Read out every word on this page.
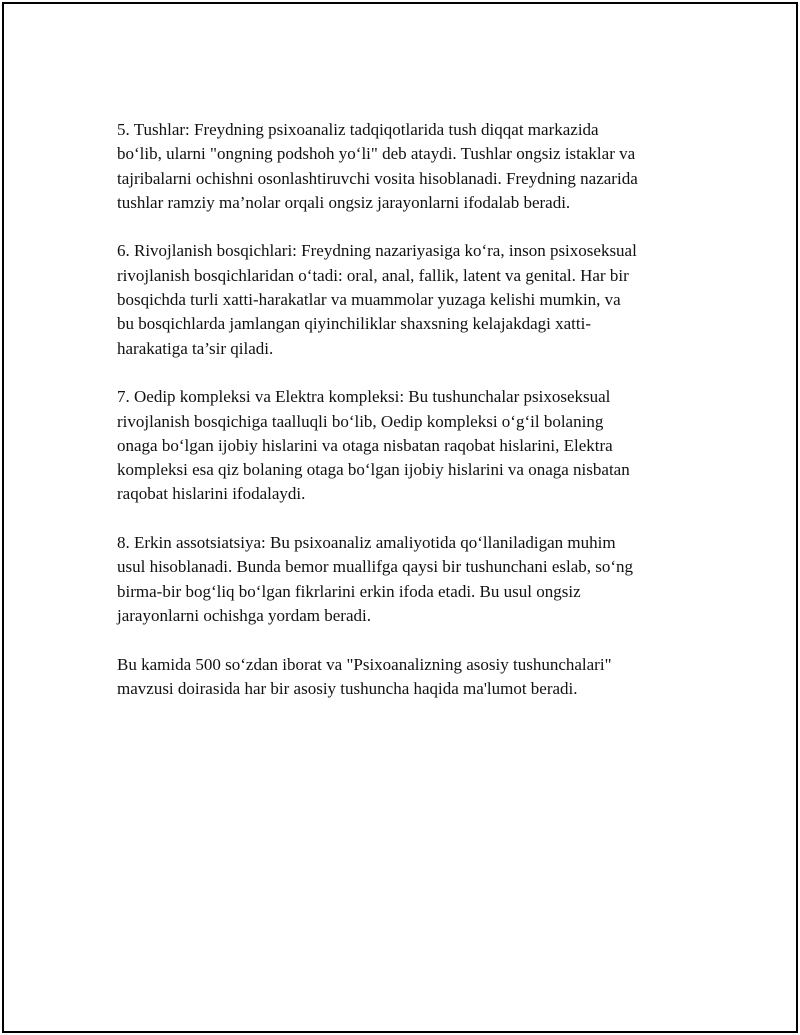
5. Tushlar: Freydning psixoanaliz tadqiqotlarida tush diqqat markazida
bo‘lib, ularni "ongning podshoh yo‘li" deb ataydi. Tushlar ongsiz istaklar va
tajribalarni ochishni osonlashtiruvchi vosita hisoblanadi. Freydning nazarida
tushlar ramziy ma’nolar orqali ongsiz jarayonlarni ifodalab beradi.

6. Rivojlanish bosqichlari: Freydning nazariyasiga ko‘ra, inson psixoseksual
rivojlanish bosqichlaridan o‘tadi: oral, anal, fallik, latent va genital. Har bir
bosqichda turli xatti-harakatlar va muammolar yuzaga kelishi mumkin, va
bu bosqichlarda jamlangan qiyinchiliklar shaxsning kelajakdagi xatti-
harakatiga ta’sir qiladi.

7. Oedip kompleksi va Elektra kompleksi: Bu tushunchalar psixoseksual
rivojlanish bosqichiga taalluqli bo‘lib, Oedip kompleksi o‘g‘il bolaning
onaga bo‘lgan ijobiy hislarini va otaga nisbatan raqobat hislarini, Elektra
kompleksi esa qiz bolaning otaga bo‘lgan ijobiy hislarini va onaga nisbatan
raqobat hislarini ifodalaydi.

8. Erkin assotsiatsiya: Bu psixoanaliz amaliyotida qo‘llaniladigan muhim
usul hisoblanadi. Bunda bemor muallifga qaysi bir tushunchani eslab, so‘ng
birma-bir bog‘liq bo‘lgan fikrlarini erkin ifoda etadi. Bu usul ongsiz
jarayonlarni ochishga yordam beradi.

Bu kamida 500 so‘zdan iborat va "Psixoanalizning asosiy tushunchalari"
mavzusi doirasida har bir asosiy tushuncha haqida ma'lumot beradi.
